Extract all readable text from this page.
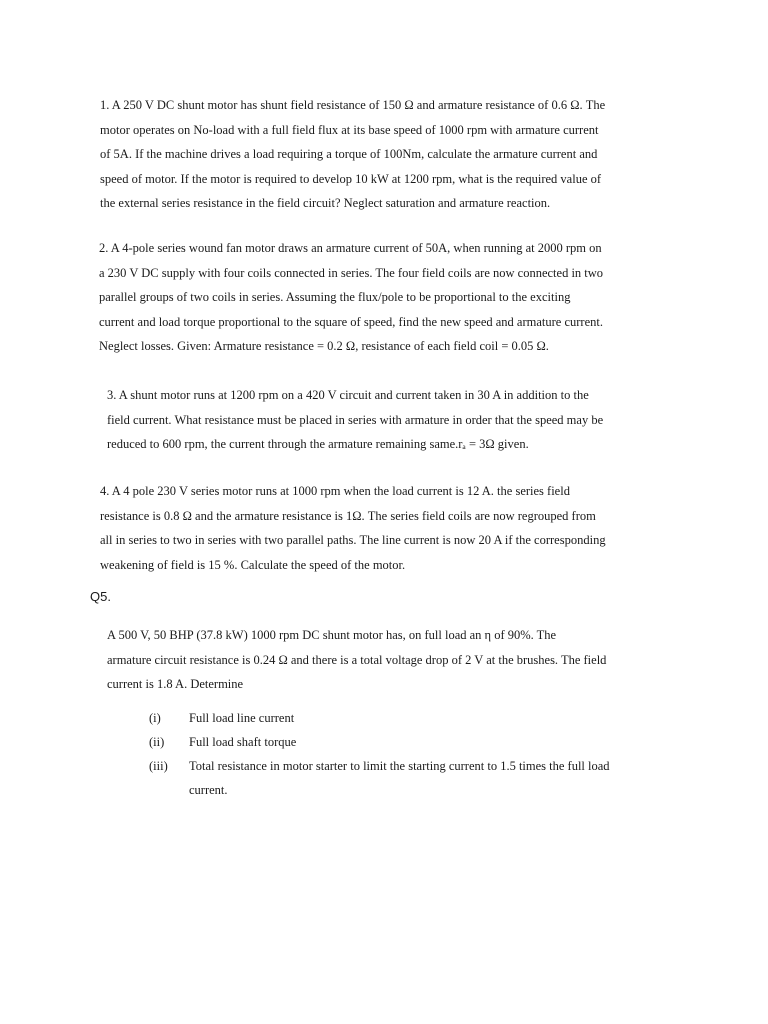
1. A 250 V DC shunt motor has shunt field resistance of 150 Ω and armature resistance of 0.6 Ω. The
motor operates on No-load with a full field flux at its base speed of 1000 rpm with armature current
of 5A. If the machine drives a load requiring a torque of 100Nm, calculate the armature current and
speed of motor. If the motor is required to develop 10 kW at 1200 rpm, what is the required value of
the external series resistance in the field circuit? Neglect saturation and armature reaction.
2. A 4-pole series wound fan motor draws an armature current of 50A, when running at 2000 rpm on
a 230 V DC supply with four coils connected in series. The four field coils are now connected in two
parallel groups of two coils in series. Assuming the flux/pole to be proportional to the exciting
current and load torque proportional to the square of speed, find the new speed and armature current.
Neglect losses. Given: Armature resistance = 0.2 Ω, resistance of each field coil = 0.05 Ω.
3. A shunt motor runs at 1200 rpm on a 420 V circuit and current taken in 30 A in addition to the
field current. What resistance must be placed in series with armature in order that the speed may be
reduced to 600 rpm, the current through the armature remaining same.rₐ = 3Ω given.
4. A 4 pole 230 V series motor runs at 1000 rpm when the load current is 12 A. the series field
resistance is 0.8 Ω and the armature resistance is 1Ω. The series field coils are now regrouped from
all in series to two in series with two parallel paths. The line current is now 20 A if the corresponding
weakening of field is 15 %. Calculate the speed of the motor.

Q5.

A 500 V, 50 BHP (37.8 kW) 1000 rpm DC shunt motor has, on full load an η of 90%. The
armature circuit resistance is 0.24 Ω and there is a total voltage drop of 2 V at the brushes. The field
current is 1.8 A. Determine
(i) Full load line current
(ii) Full load shaft torque
(iii) Total resistance in motor starter to limit the starting current to 1.5 times the full load
current.
